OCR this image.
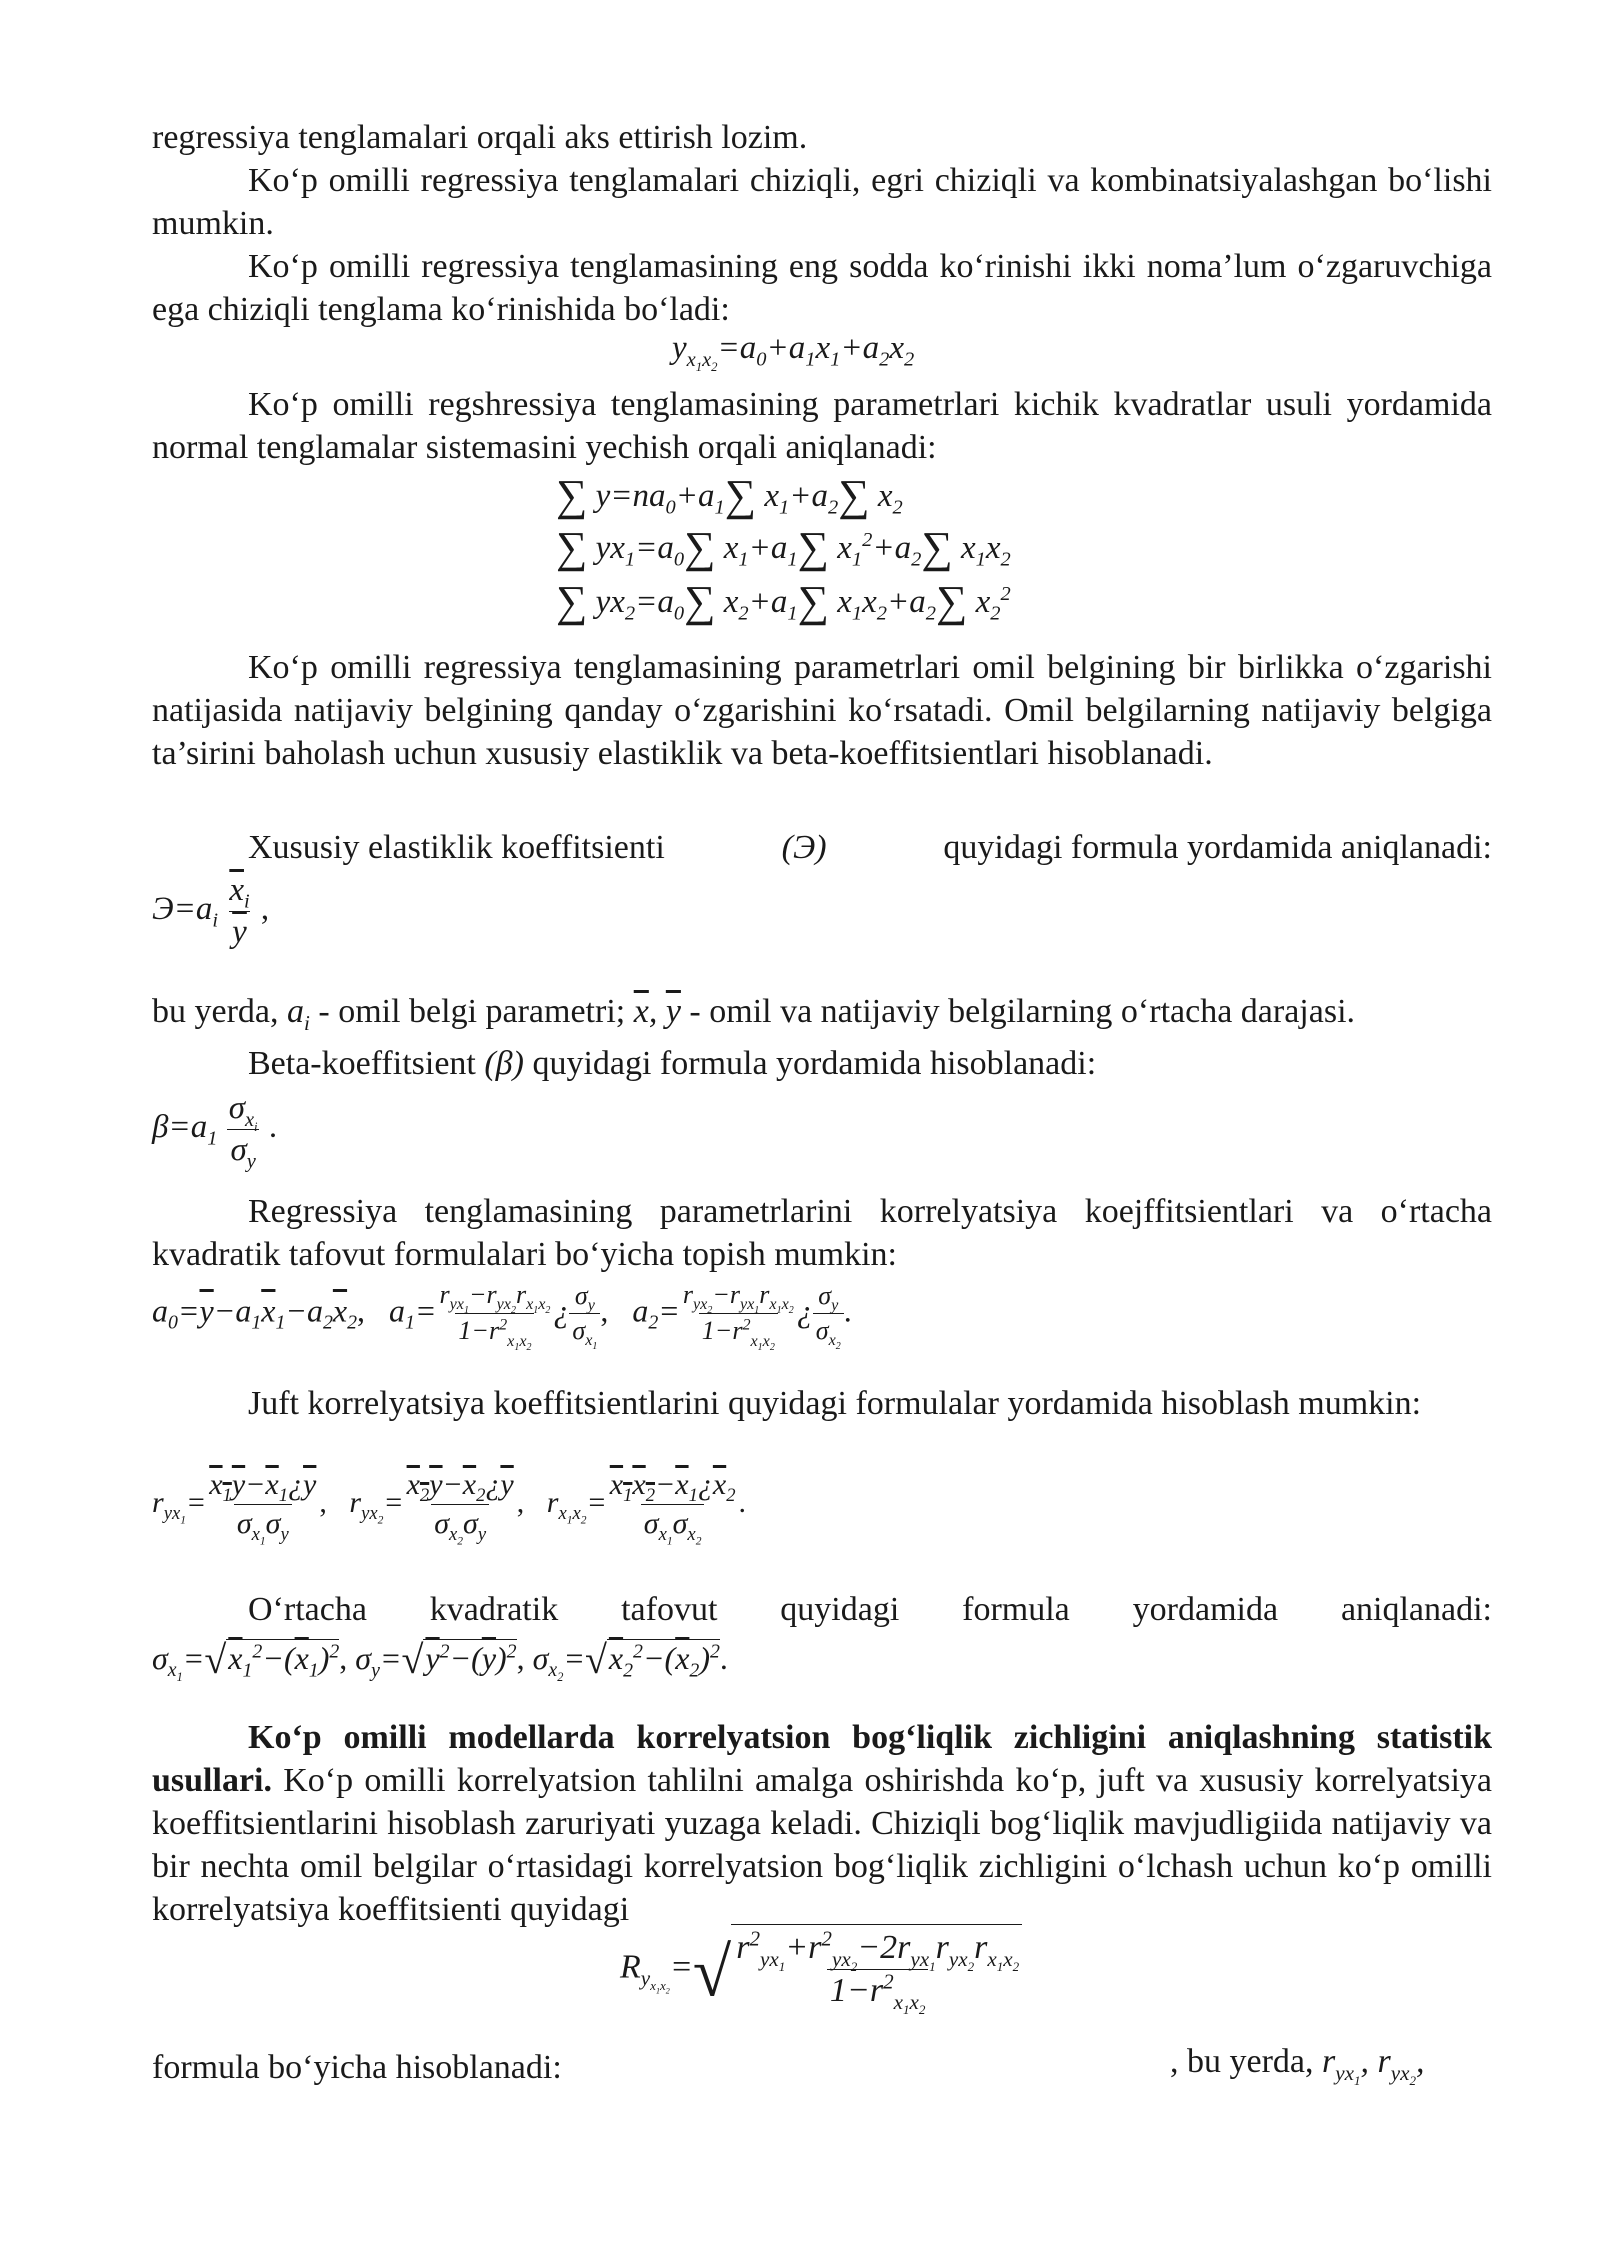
regressiya tenglamalari orqali aks ettirish lozim.

Ko‘p omilli regressiya tenglamalari chiziqli, egri chiziqli va kombinatsiyalashgan bo‘lishi mumkin.

Ko‘p omilli regressiya tenglamasining eng sodda ko‘rinishi ikki noma’lum o‘zgaruvchiga ega chiziqli tenglama ko‘rinishida bo‘ladi:

$y_{x_1x_2}=a_0+a_1x_1+a_2x_2$

Ko‘p omilli regshressiya tenglamasining parametrlari kichik kvadratlar usuli yordamida normal tenglamalar sistemasini yechish orqali aniqlanadi:

∑ $y=na_0+a_1\sum$ $x_1+a_2\sum$ $x_2$
∑ $yx_1=a_0\sum$ $x_1+a_1\sum$ $x_1^2+a_2\sum$ $x_1x_2$
∑ $yx_2=a_0\sum$ $x_2+a_1\sum$ $x_1x_2+a_2\sum$ $x_2^2$

Ko‘p omilli regressiya tenglamasining parametrlari omil belgining bir birlikka o‘zgarishi natijasida natijaviy belgining qanday o‘zgarishini ko‘rsatadi. Omil belgilarning natijaviy belgiga ta’sirini baholash uchun xususiy elastiklik va beta-koeffitsientlari hisoblanadi.

Xususiy elastiklik koeffitsienti	(Э)	quyidagi formula yordamida aniqlanadi:
$Э=a_i \frac{\overline{x}_i}{y}$ ,
bu yerda, $a_i$ - omil belgi parametri; $\overline{x}$, $\overline{y}$ - omil va natijaviy belgilarning o‘rtacha darajasi.
Beta-koeffitsient (β) quyidagi formula yordamida hisoblanadi:
$\beta=a_1 \frac{\sigma_{x_i}}{\sigma_y}$ .

Regressiya tenglamasining parametrlarini korrelyatsiya koejffitsientlari va o‘rtacha kvadratik tafovut formulalari bo‘yicha topish mumkin:

$a_0=\overline{y}-a_1\overline{x}_1-a_2\overline{x}_2$,   $a_1= \frac{r_{yx_1}-r_{yx_2}r_{x_1x_2}}{1-r^2_{x_1x_2}}$ ¿ $\frac{\sigma_y}{\sigma_{x_1}}$ ,   $a_2= \frac{r_{yx_2}-r_{yx_1}r_{x_1x_2}}{1-r^2_{x_1x_2}}$ ¿ $\frac{\sigma_y}{\sigma_{x_2}}$ .

Juft korrelyatsiya koeffitsientlarini quyidagi formulalar yordamida hisoblash mumkin:

$r_{yx_1}= \frac{x_1y-\overline{x}_1¿\overline{y}}{\sigma_{x_1}\sigma_y}$ ,   $r_{yx_2}= \frac{x_2y-\overline{x}_2¿\overline{y}}{\sigma_{x_2}\sigma_y}$ ,   $r_{x_1x_2}= \frac{x_1x_2-\overline{x}_1¿\overline{x}_2}{\sigma_{x_1}\sigma_{x_2}}$ .

O‘rtacha kvadratik tafovut quyidagi formula yordamida aniqlanadi:

$\sigma_{x_1}=√x_1^2-(\overline{x}_1)^2$, $\sigma_y=√y^2-(\overline{y})^2$, $\sigma_{x_2}=√x_2^2-(\overline{x}_2)^2$.

Ko‘p omilli modellarda korrelyatsion bog‘liqlik zichligini aniqlashning statistik usullari. Ko‘p omilli korrelyatsion tahlilni amalga oshirishda ko‘p, juft va xususiy korrelyatsiya koeffitsientlarini hisoblash zaruriyati yuzaga keladi. Chiziqli bog‘liqlik mavjudligiida natijaviy va bir nechta omil belgilar o‘rtasidagi korrelyatsion bog‘liqlik zichligini o‘lchash uchun ko‘p omilli korrelyatsiya koeffitsienti quyidagi

$R_{y_{x_1x_2}}=√ \frac{r^2_{yx_1}+r^2_{yx_2}-2r_{yx_1}r_{yx_2}r_{x_1x_2}}{1-r^2_{x_1x_2}}$
formula bo‘yicha hisoblanadi:	, bu yerda, $r_{yx_1}$, $r_{yx_2}$,
